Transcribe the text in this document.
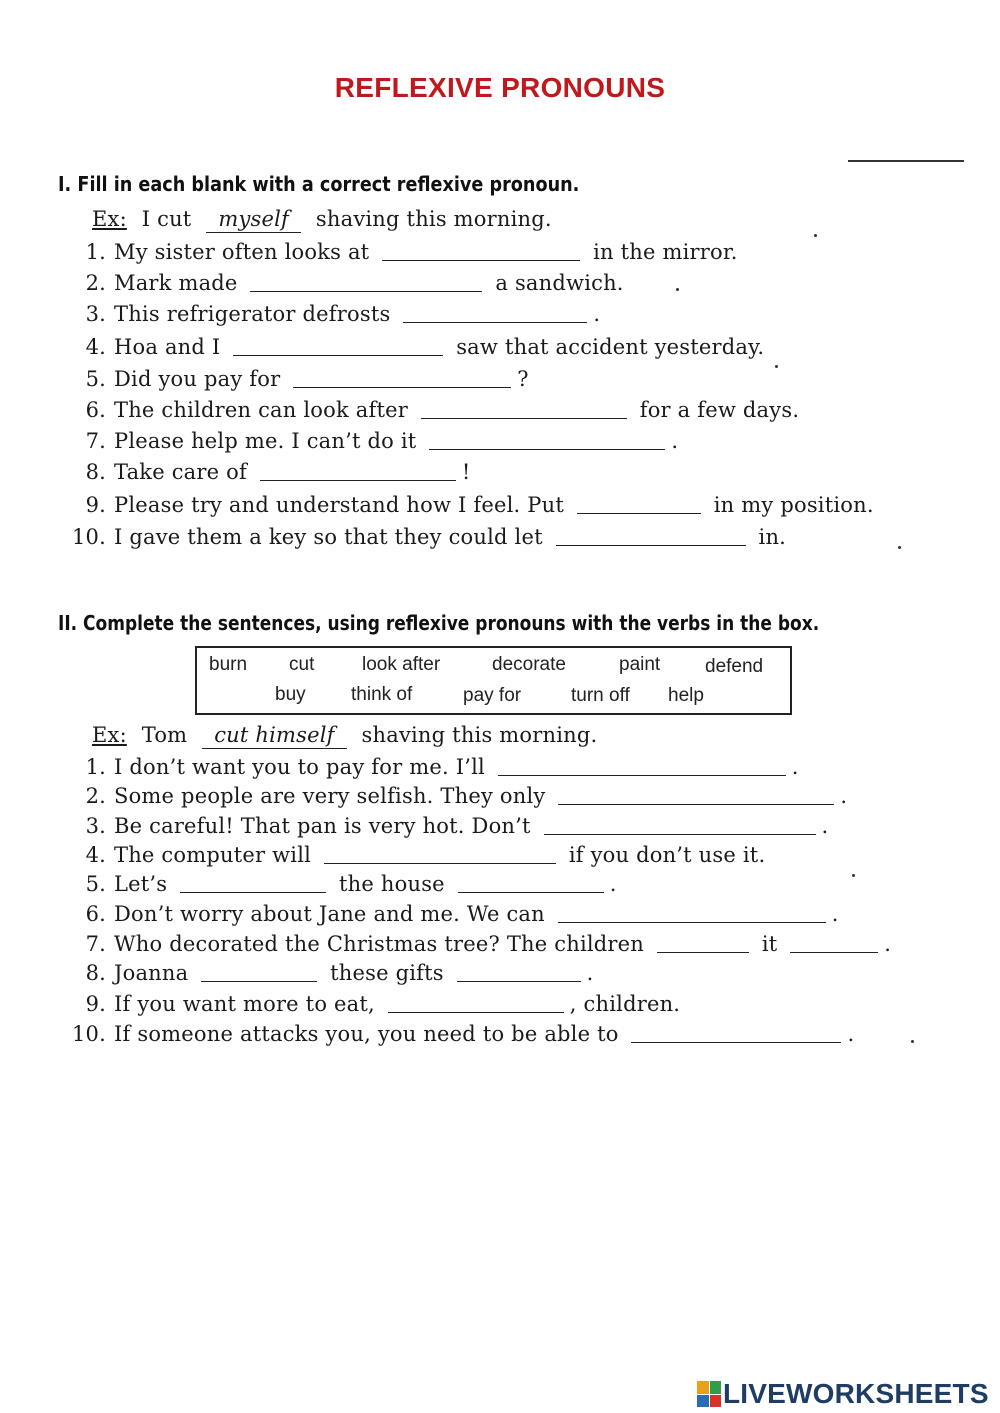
REFLEXIVE PRONOUNS
I. Fill in each blank with a correct reflexive pronoun.
Ex: I cut myself shaving this morning.
1. My sister often looks at	in the mirror.
2. Mark made	a sandwich.
3. This refrigerator defrosts	.
4. Hoa and I	saw that accident yesterday.
5. Did you pay for	?
6. The children can look after	for a few days.
7. Please help me. I can’t do it	.
8. Take care of	!
9. Please try and understand how I feel. Put	in my position.
10. I gave them a key so that they could let	in.
II. Complete the sentences, using reflexive pronouns with the verbs in the box.
burn cut	look after	decorate	paint defend
buy think of	pay for	turn off help
Ex: Tom cut himself shaving this morning.
1. I don’t want you to pay for me. I’ll	.
2. Some people are very selfish. They only	.
3. Be careful! That pan is very hot. Don’t	.
4. The computer will	if you don’t use it.
5. Let’s	the house	.
6. Don’t worry about Jane and me. We can	.
7. Who decorated the Christmas tree? The children	it	.
8. Joanna	these gifts	.
9. If you want more to eat,	, children.
10. If someone attacks you, you need to be able to	.
LIVEWORKSHEETS
